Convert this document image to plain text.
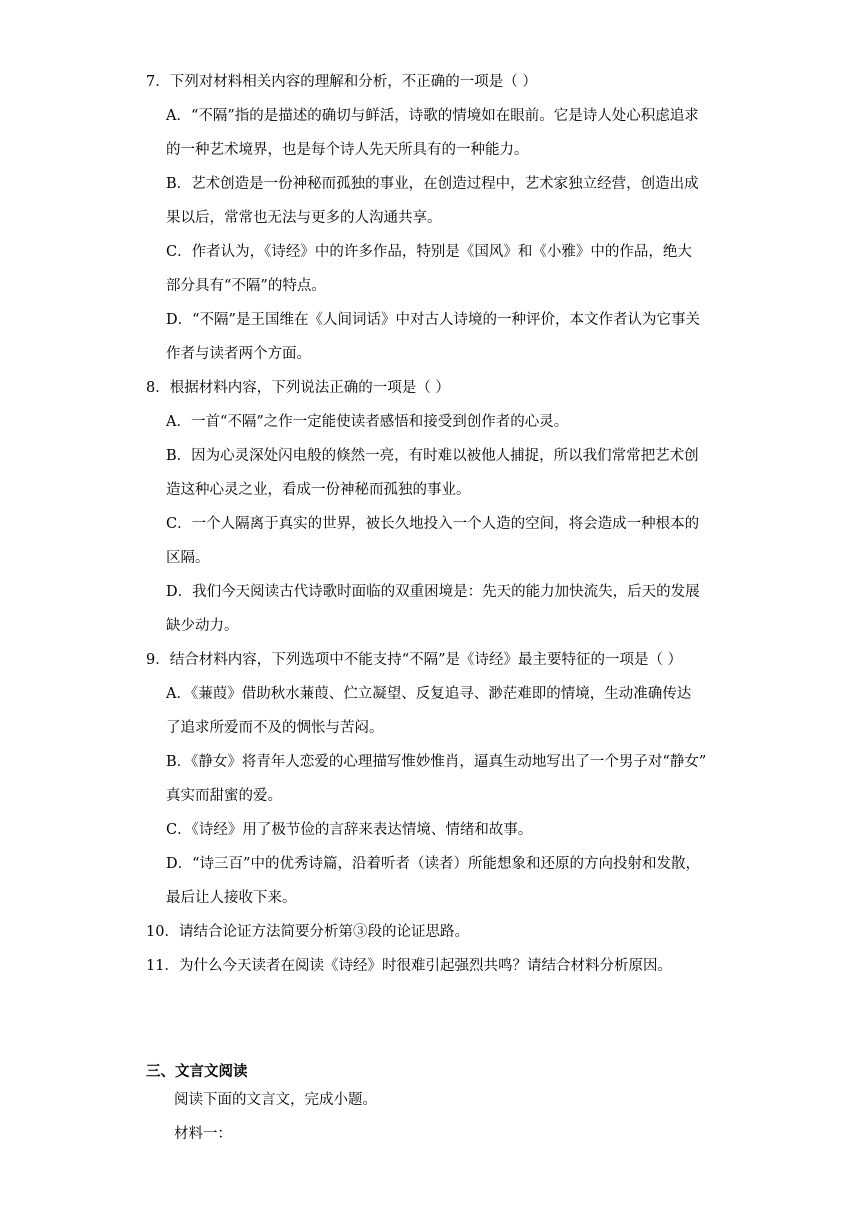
7．下列对材料相关内容的理解和分析，不正确的一项是（ ）
A．“不隔”指的是描述的确切与鲜活，诗歌的情境如在眼前。它是诗人处心积虑追求
的一种艺术境界，也是每个诗人先天所具有的一种能力。
B．艺术创造是一份神秘而孤独的事业，在创造过程中，艺术家独立经营，创造出成
果以后，常常也无法与更多的人沟通共享。
C．作者认为，《诗经》中的许多作品，特别是《国风》和《小雅》中的作品，绝大
部分具有“不隔”的特点。
D．“不隔”是王国维在《人间词话》中对古人诗境的一种评价，本文作者认为它事关
作者与读者两个方面。
8．根据材料内容，下列说法正确的一项是（ ）
A．一首“不隔”之作一定能使读者感悟和接受到创作者的心灵。
B．因为心灵深处闪电般的倏然一亮，有时难以被他人捕捉，所以我们常常把艺术创
造这种心灵之业，看成一份神秘而孤独的事业。
C．一个人隔离于真实的世界，被长久地投入一个人造的空间，将会造成一种根本的
区隔。
D．我们今天阅读古代诗歌时面临的双重困境是：先天的能力加快流失，后天的发展
缺少动力。
9．结合材料内容，下列选项中不能支持“不隔”是《诗经》最主要特征的一项是（ ）
A．《蒹葭》借助秋水蒹葭、伫立凝望、反复追寻、渺茫难即的情境，生动准确传达
了追求所爱而不及的惆怅与苦闷。
B．《静女》将青年人恋爱的心理描写惟妙惟肖，逼真生动地写出了一个男子对“静女”
真实而甜蜜的爱。
C．《诗经》用了极节俭的言辞来表达情境、情绪和故事。
D．“诗三百”中的优秀诗篇，沿着听者（读者）所能想象和还原的方向投射和发散，
最后让人接收下来。
10．请结合论证方法简要分析第③段的论证思路。
11．为什么今天读者在阅读《诗经》时很难引起强烈共鸣？请结合材料分析原因。
三、文言文阅读
阅读下面的文言文，完成小题。
材料一：
